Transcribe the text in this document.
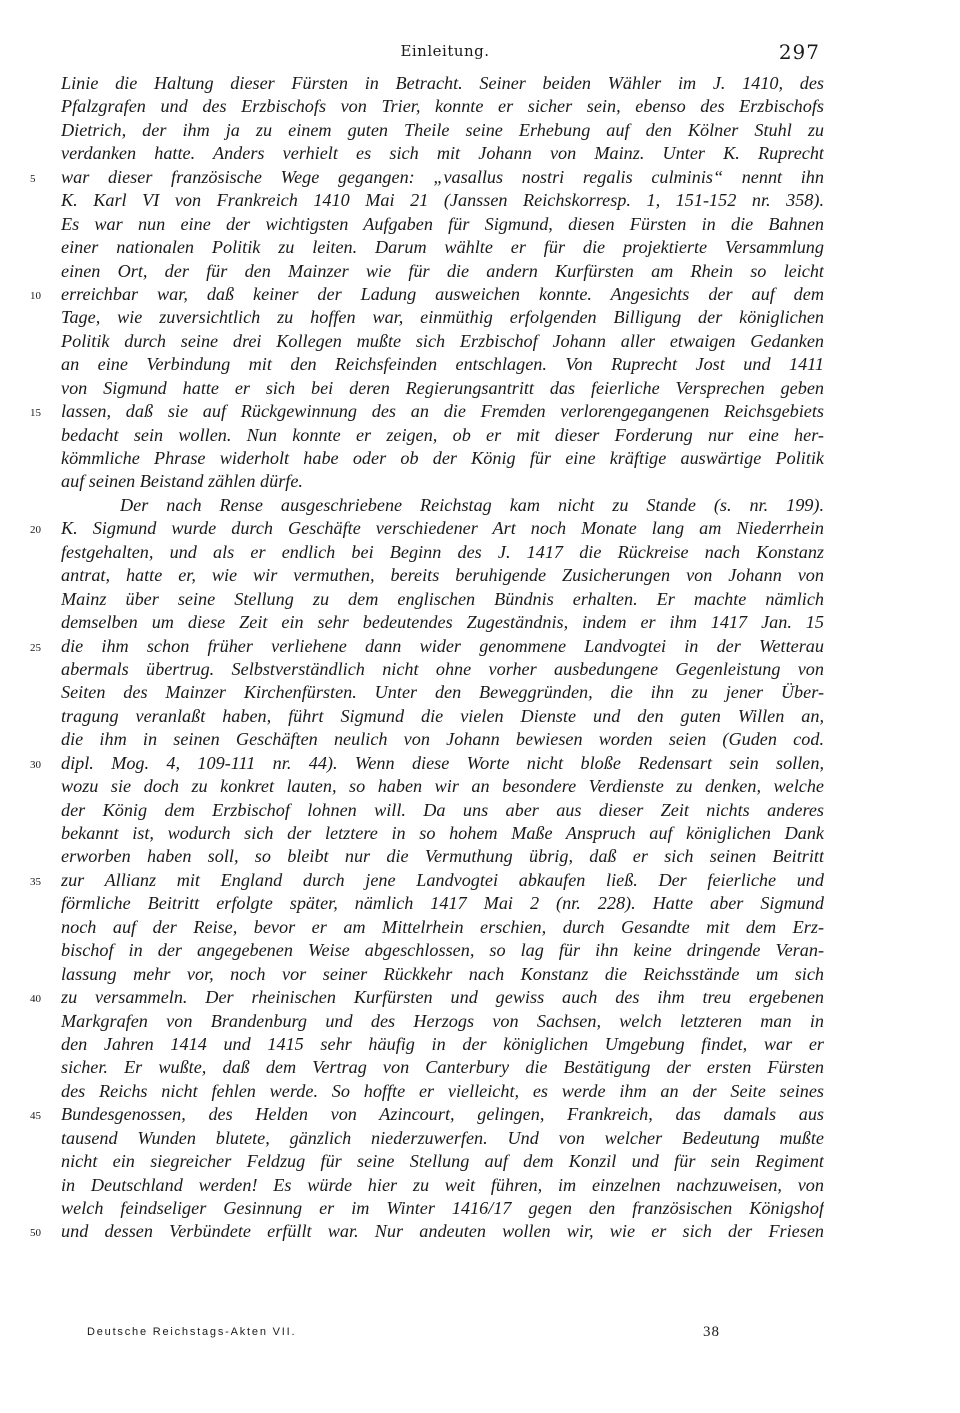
Einleitung.	297
Linie die Haltung dieser Fürsten in Betracht. Seiner beiden Wähler im J. 1410, des
Pfalzgrafen und des Erzbischofs von Trier, konnte er sicher sein, ebenso des Erzbischofs
Dietrich, der ihm ja zu einem guten Theile seine Erhebung auf den Kölner Stuhl zu
verdanken hatte. Anders verhielt es sich mit Johann von Mainz. Unter K. Ruprecht
5	war dieser französische Wege gegangen: „vasallus nostri regalis culminis“ nennt ihn
K. Karl VI von Frankreich 1410 Mai 21 (Janssen Reichskorresp. 1, 151-152 nr. 358).
Es war nun eine der wichtigsten Aufgaben für Sigmund, diesen Fürsten in die Bahnen
einer nationalen Politik zu leiten. Darum wählte er für die projektierte Versammlung
einen Ort, der für den Mainzer wie für die andern Kurfürsten am Rhein so leicht
10	erreichbar war, daß keiner der Ladung ausweichen konnte. Angesichts der auf dem
Tage, wie zuversichtlich zu hoffen war, einmüthig erfolgenden Billigung der königlichen
Politik durch seine drei Kollegen mußte sich Erzbischof Johann aller etwaigen Gedanken
an eine Verbindung mit den Reichsfeinden entschlagen. Von Ruprecht Jost und 1411
von Sigmund hatte er sich bei deren Regierungsantritt das feierliche Versprechen geben
15	lassen, daß sie auf Rückgewinnung des an die Fremden verlorengegangenen Reichsgebiets
bedacht sein wollen. Nun konnte er zeigen, ob er mit dieser Forderung nur eine her-
kömmliche Phrase widerholt habe oder ob der König für eine kräftige auswärtige Politik
auf seinen Beistand zählen dürfe.
Der nach Rense ausgeschriebene Reichstag kam nicht zu Stande (s. nr. 199).
20	K. Sigmund wurde durch Geschäfte verschiedener Art noch Monate lang am Niederrhein
festgehalten, und als er endlich bei Beginn des J. 1417 die Rückreise nach Konstanz
antrat, hatte er, wie wir vermuthen, bereits beruhigende Zusicherungen von Johann von
Mainz über seine Stellung zu dem englischen Bündnis erhalten. Er machte nämlich
demselben um diese Zeit ein sehr bedeutendes Zugeständnis, indem er ihm 1417 Jan. 15
25	die ihm schon früher verliehene dann wider genommene Landvogtei in der Wetterau
abermals übertrug. Selbstverständlich nicht ohne vorher ausbedungene Gegenleistung von
Seiten des Mainzer Kirchenfürsten. Unter den Beweggründen, die ihn zu jener Über-
tragung veranlaßt haben, führt Sigmund die vielen Dienste und den guten Willen an,
die ihm in seinen Geschäften neulich von Johann bewiesen worden seien (Guden cod.
30	dipl. Mog. 4, 109-111 nr. 44). Wenn diese Worte nicht bloße Redensart sein sollen,
wozu sie doch zu konkret lauten, so haben wir an besondere Verdienste zu denken, welche
der König dem Erzbischof lohnen will. Da uns aber aus dieser Zeit nichts anderes
bekannt ist, wodurch sich der letztere in so hohem Maße Anspruch auf königlichen Dank
erworben haben soll, so bleibt nur die Vermuthung übrig, daß er sich seinen Beitritt
35	zur Allianz mit England durch jene Landvogtei abkaufen ließ. Der feierliche und
förmliche Beitritt erfolgte später, nämlich 1417 Mai 2 (nr. 228). Hatte aber Sigmund
noch auf der Reise, bevor er am Mittelrhein erschien, durch Gesandte mit dem Erz-
bischof in der angegebenen Weise abgeschlossen, so lag für ihn keine dringende Veran-
lassung mehr vor, noch vor seiner Rückkehr nach Konstanz die Reichsstände um sich
40	zu versammeln. Der rheinischen Kurfürsten und gewiss auch des ihm treu ergebenen
Markgrafen von Brandenburg und des Herzogs von Sachsen, welch letzteren man in
den Jahren 1414 und 1415 sehr häufig in der königlichen Umgebung findet, war er
sicher. Er wußte, daß dem Vertrag von Canterbury die Bestätigung der ersten Fürsten
des Reichs nicht fehlen werde. So hoffte er vielleicht, es werde ihm an der Seite seines
45	Bundesgenossen, des Helden von Azincourt, gelingen, Frankreich, das damals aus
tausend Wunden blutete, gänzlich niederzuwerfen. Und von welcher Bedeutung mußte
nicht ein siegreicher Feldzug für seine Stellung auf dem Konzil und für sein Regiment
in Deutschland werden! Es würde hier zu weit führen, im einzelnen nachzuweisen, von
welch feindseliger Gesinnung er im Winter 1416/17 gegen den französischen Königshof
50	und dessen Verbündete erfüllt war. Nur andeuten wollen wir, wie er sich der Friesen
Deutsche Reichstags-Akten VII.	38
